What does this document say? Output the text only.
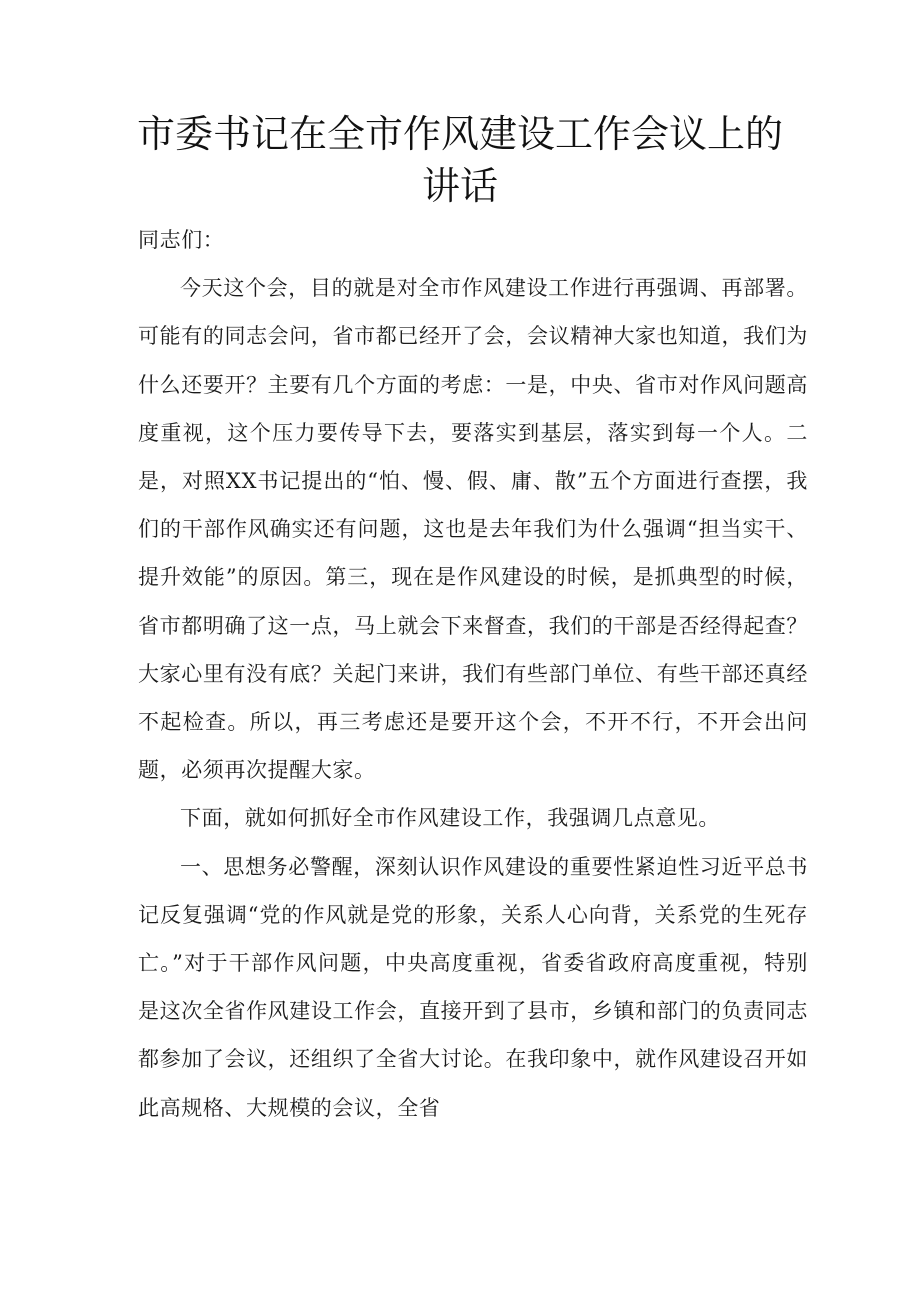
市委书记在全市作风建设工作会议上的
讲话

同志们：

今天这个会，目的就是对全市作风建设工作进行再强调、再部署。可能有的同志会问，省市都已经开了会，会议精神大家也知道，我们为什么还要开？主要有几个方面的考虑：一是，中央、省市对作风问题高度重视，这个压力要传导下去，要落实到基层，落实到每一个人。二是，对照XX书记提出的“怕、慢、假、庸、散”五个方面进行查摆，我们的干部作风确实还有问题，这也是去年我们为什么强调“担当实干、提升效能”的原因。第三，现在是作风建设的时候，是抓典型的时候，省市都明确了这一点，马上就会下来督查，我们的干部是否经得起查？大家心里有没有底？关起门来讲，我们有些部门单位、有些干部还真经不起检查。所以，再三考虑还是要开这个会，不开不行，不开会出问题，必须再次提醒大家。

下面，就如何抓好全市作风建设工作，我强调几点意见。

一、思想务必警醒，深刻认识作风建设的重要性紧迫性习近平总书记反复强调“党的作风就是党的形象，关系人心向背，关系党的生死存亡。”对于干部作风问题，中央高度重视，省委省政府高度重视，特别是这次全省作风建设工作会，直接开到了县市，乡镇和部门的负责同志都参加了会议，还组织了全省大讨论。在我印象中，就作风建设召开如此高规格、大规模的会议，全省
